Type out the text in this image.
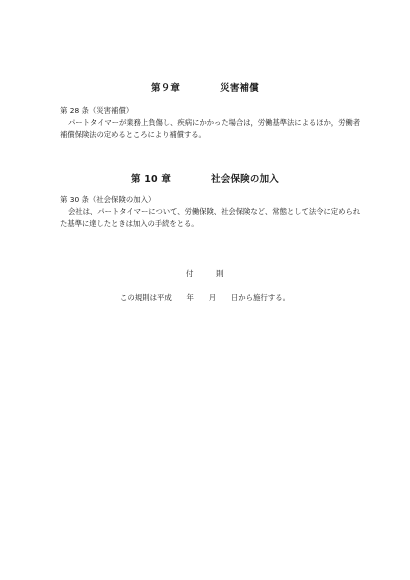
第９章	災害補償
第 28 条（災害補償）
パートタイマーが業務上負傷し、疾病にかかった場合は，労働基準法によるほか，労働者補償保険法の定めるところにより補償する。
第 10 章	社会保険の加入
第 30 条（社会保険の加入）
会社は、パートタイマーについて、労働保険、社会保険など、常態として法令に定められた基準に達したときは加入の手続をとる。
付	則
この規則は平成　　年　　月　　日から施行する。
